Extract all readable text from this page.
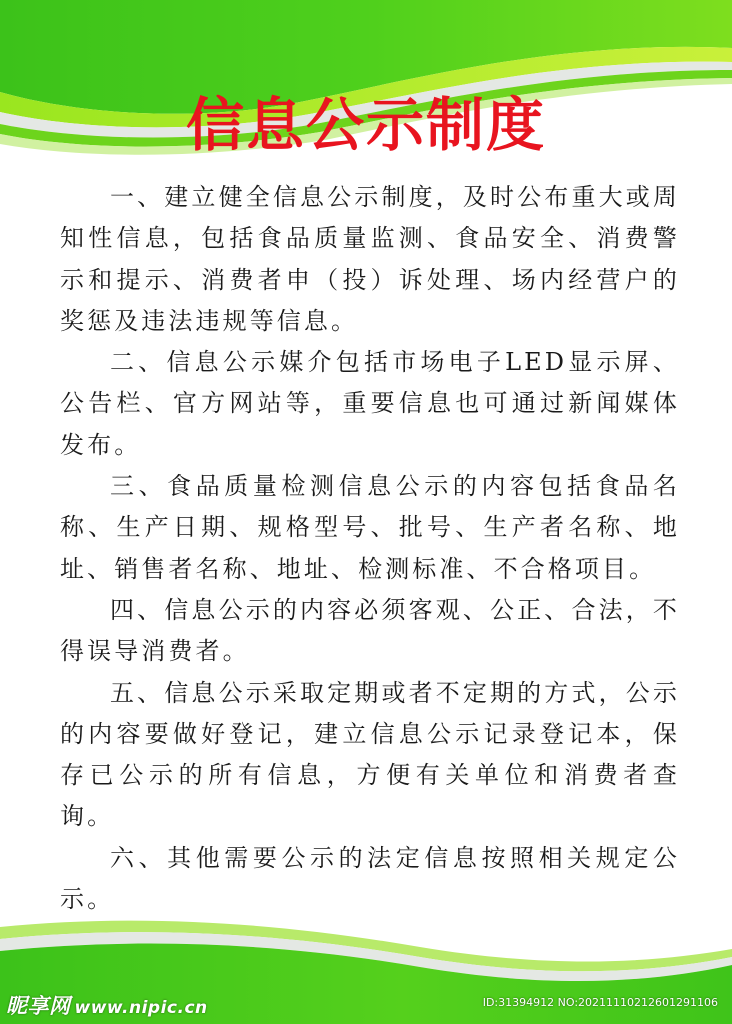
信息公示制度

一、建立健全信息公示制度，及时公布重大或周知性信息，包括食品质量监测、食品安全、消费警示和提示、消费者申（投）诉处理、场内经营户的奖惩及违法违规等信息。

二、信息公示媒介包括市场电子LED显示屏、公告栏、官方网站等，重要信息也可通过新闻媒体发布。

三、食品质量检测信息公示的内容包括食品名称、生产日期、规格型号、批号、生产者名称、地址、销售者名称、地址、检测标准、不合格项目。

四、信息公示的内容必须客观、公正、合法，不得误导消费者。

五、信息公示采取定期或者不定期的方式，公示的内容要做好登记，建立信息公示记录登记本，保存已公示的所有信息，方便有关单位和消费者查询。

六、其他需要公示的法定信息按照相关规定公示。

昵享网 www.nipic.cn	ID:31394912 NO:20211110212601291106
